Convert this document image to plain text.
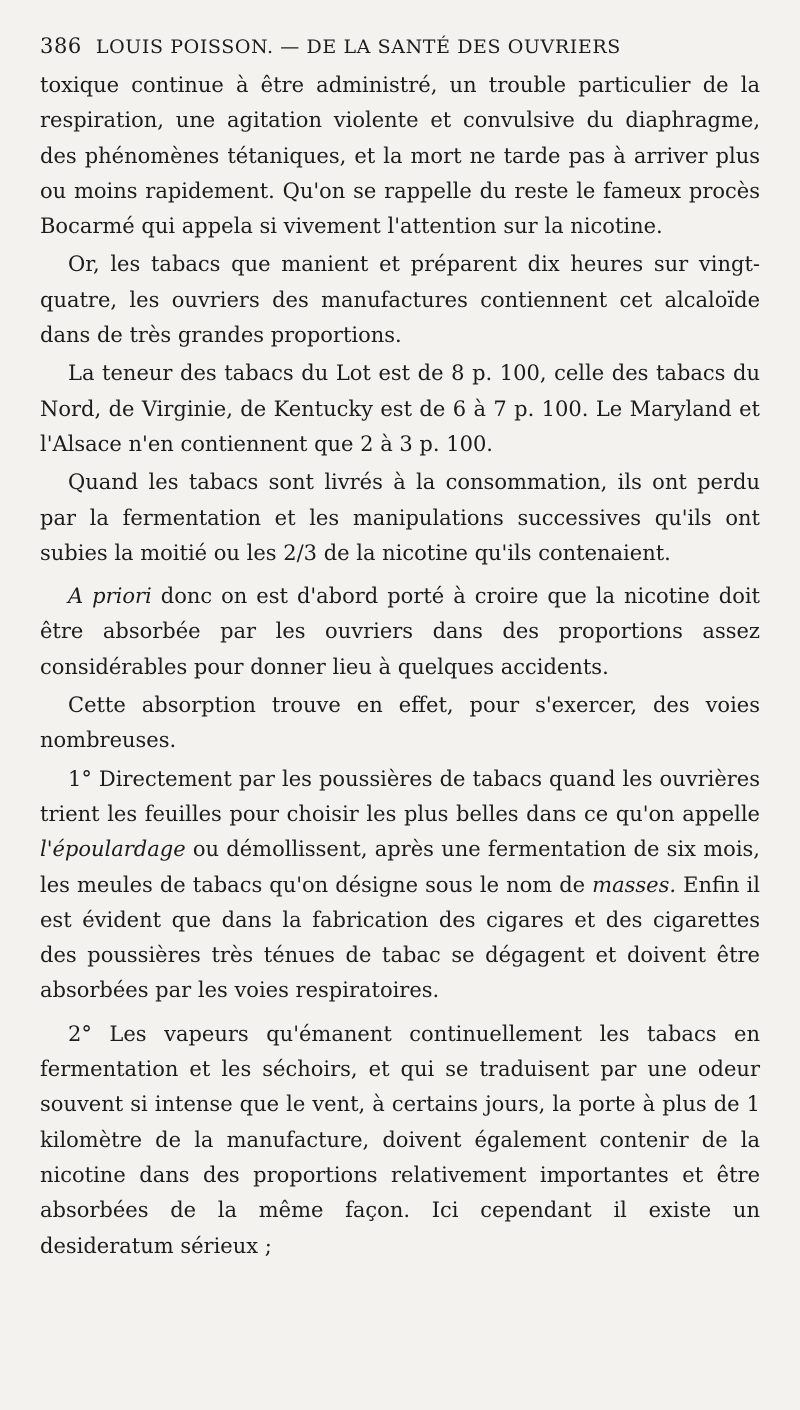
386 LOUIS POISSON. — DE LA SANTÉ DES OUVRIERS

toxique continue à être administré, un trouble particulier de la respiration, une agitation violente et convulsive du diaphragme, des phénomènes tétaniques, et la mort ne tarde pas à arriver plus ou moins rapidement. Qu'on se rappelle du reste le fameux procès Bocarmé qui appela si vivement l'attention sur la nicotine.

Or, les tabacs que manient et préparent dix heures sur vingt-quatre, les ouvriers des manufactures contiennent cet alcaloïde dans de très grandes proportions.

La teneur des tabacs du Lot est de 8 p. 100, celle des tabacs du Nord, de Virginie, de Kentucky est de 6 à 7 p. 100. Le Maryland et l'Alsace n'en contiennent que 2 à 3 p. 100.

Quand les tabacs sont livrés à la consommation, ils ont perdu par la fermentation et les manipulations successives qu'ils ont subies la moitié ou les 2/3 de la nicotine qu'ils contenaient.

A priori donc on est d'abord porté à croire que la nicotine doit être absorbée par les ouvriers dans des proportions assez considérables pour donner lieu à quelques accidents.

Cette absorption trouve en effet, pour s'exercer, des voies nombreuses.

1° Directement par les poussières de tabacs quand les ouvrières trient les feuilles pour choisir les plus belles dans ce qu'on appelle l'époulardage ou démollissent, après une fermentation de six mois, les meules de tabacs qu'on désigne sous le nom de masses. Enfin il est évident que dans la fabrication des cigares et des cigarettes des poussières très ténues de tabac se dégagent et doivent être absorbées par les voies respiratoires.

2° Les vapeurs qu'émanent continuellement les tabacs en fermentation et les séchoirs, et qui se traduisent par une odeur souvent si intense que le vent, à certains jours, la porte à plus de 1 kilomètre de la manufacture, doivent également contenir de la nicotine dans des proportions relativement importantes et être absorbées de la même façon. Ici cependant il existe un desideratum sérieux ;
